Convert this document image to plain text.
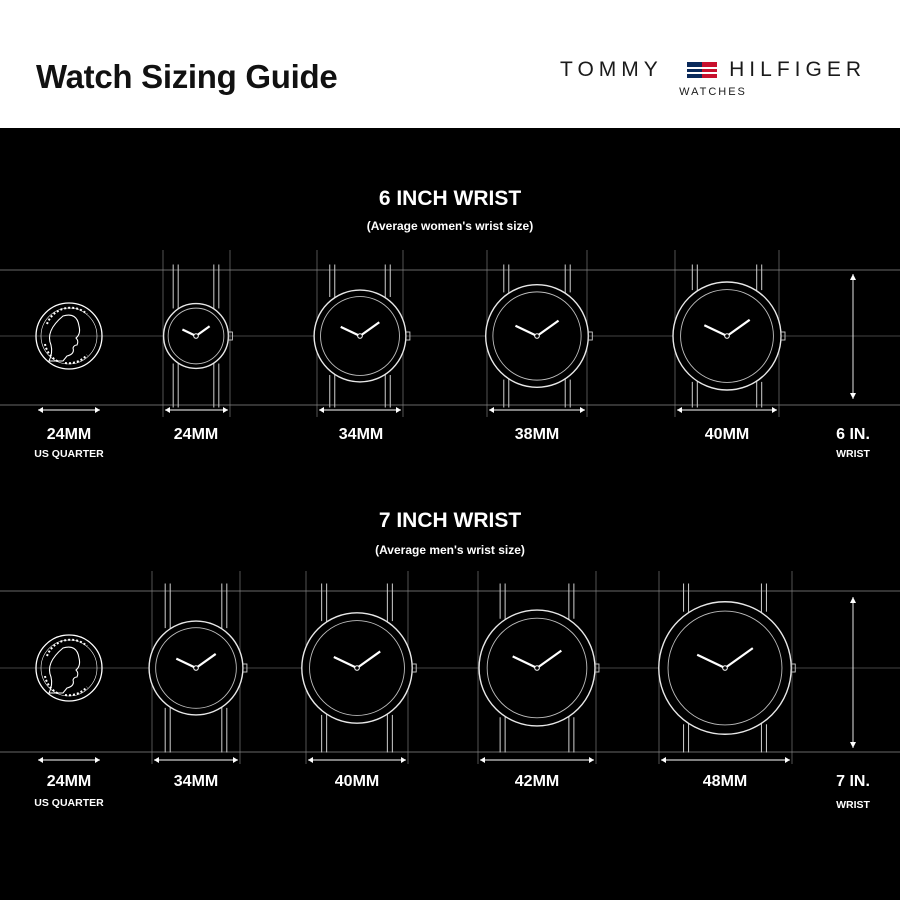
Watch Sizing Guide	TOMMY	HILFIGER
WATCHES
6 INCH WRIST
(Average women's wrist size)
7 INCH WRIST
(Average men's wrist size)
24MM
US QUARTER
24MM	34MM	38MM	40MM	6 IN.
WRIST
24MM
US QUARTER
34MM	40MM	42MM	48MM	7 IN.
WRIST
